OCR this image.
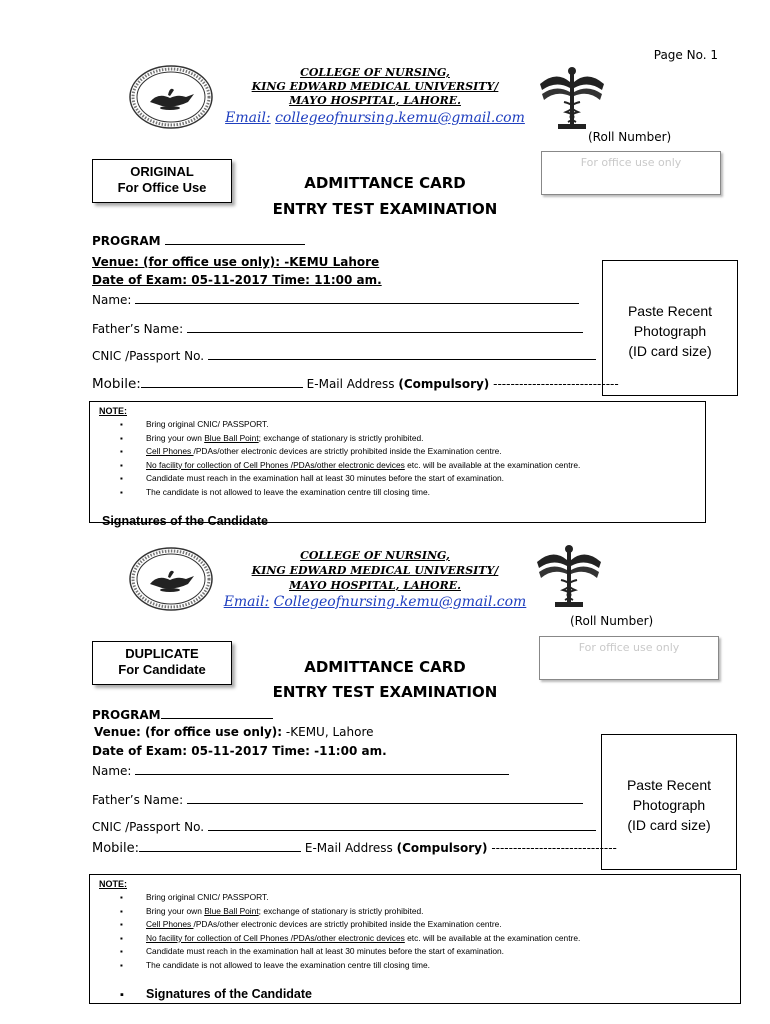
Page No. 1
COLLEGE OF NURSING,
KING EDWARD MEDICAL UNIVERSITY/
MAYO HOSPITAL, LAHORE.
Email: collegeofnursing.kemu@gmail.com
(Roll Number)
For office use only
ORIGINAL
For Office Use	ADMITTANCE CARD
ENTRY TEST EXAMINATION
PROGRAM
Venue: (for office use only): -KEMU Lahore
Date of Exam: 05-11-2017 Time: 11:00 am.
Name:
Father’s Name:
CNIC /Passport No.
Mobile:	E-Mail Address (Compulsory) -----------------------------
Paste Recent
Photograph
(ID card size)
NOTE:
▪ Bring original CNIC/ PASSPORT.
▪ Bring your own Blue Ball Point; exchange of stationary is strictly prohibited.
▪ Cell Phones /PDAs/other electronic devices are strictly prohibited inside the Examination centre.
▪ No facility for collection of Cell Phones /PDAs/other electronic devices etc. will be available at the examination centre.
▪ Candidate must reach in the examination hall at least 30 minutes before the start of examination.
▪ The candidate is not allowed to leave the examination centre till closing time.
Signatures of the Candidate
COLLEGE OF NURSING,
KING EDWARD MEDICAL UNIVERSITY/
MAYO HOSPITAL, LAHORE.
Email: Collegeofnursing.kemu@gmail.com
(Roll Number)
For office use only
DUPLICATE
For Candidate	ADMITTANCE CARD
ENTRY TEST EXAMINATION
PROGRAM
Venue: (for office use only): -KEMU, Lahore
Date of Exam: 05-11-2017 Time: -11:00 am.
Name:
Father’s Name:
CNIC /Passport No.
Mobile:	E-Mail Address (Compulsory) -----------------------------
Paste Recent
Photograph
(ID card size)
NOTE:
▪ Bring original CNIC/ PASSPORT.
▪ Bring your own Blue Ball Point; exchange of stationary is strictly prohibited.
▪ Cell Phones /PDAs/other electronic devices are strictly prohibited inside the Examination centre.
▪ No facility for collection of Cell Phones /PDAs/other electronic devices etc. will be available at the examination centre.
▪ Candidate must reach in the examination hall at least 30 minutes before the start of examination.
▪ The candidate is not allowed to leave the examination centre till closing time.
▪ Signatures of the Candidate
